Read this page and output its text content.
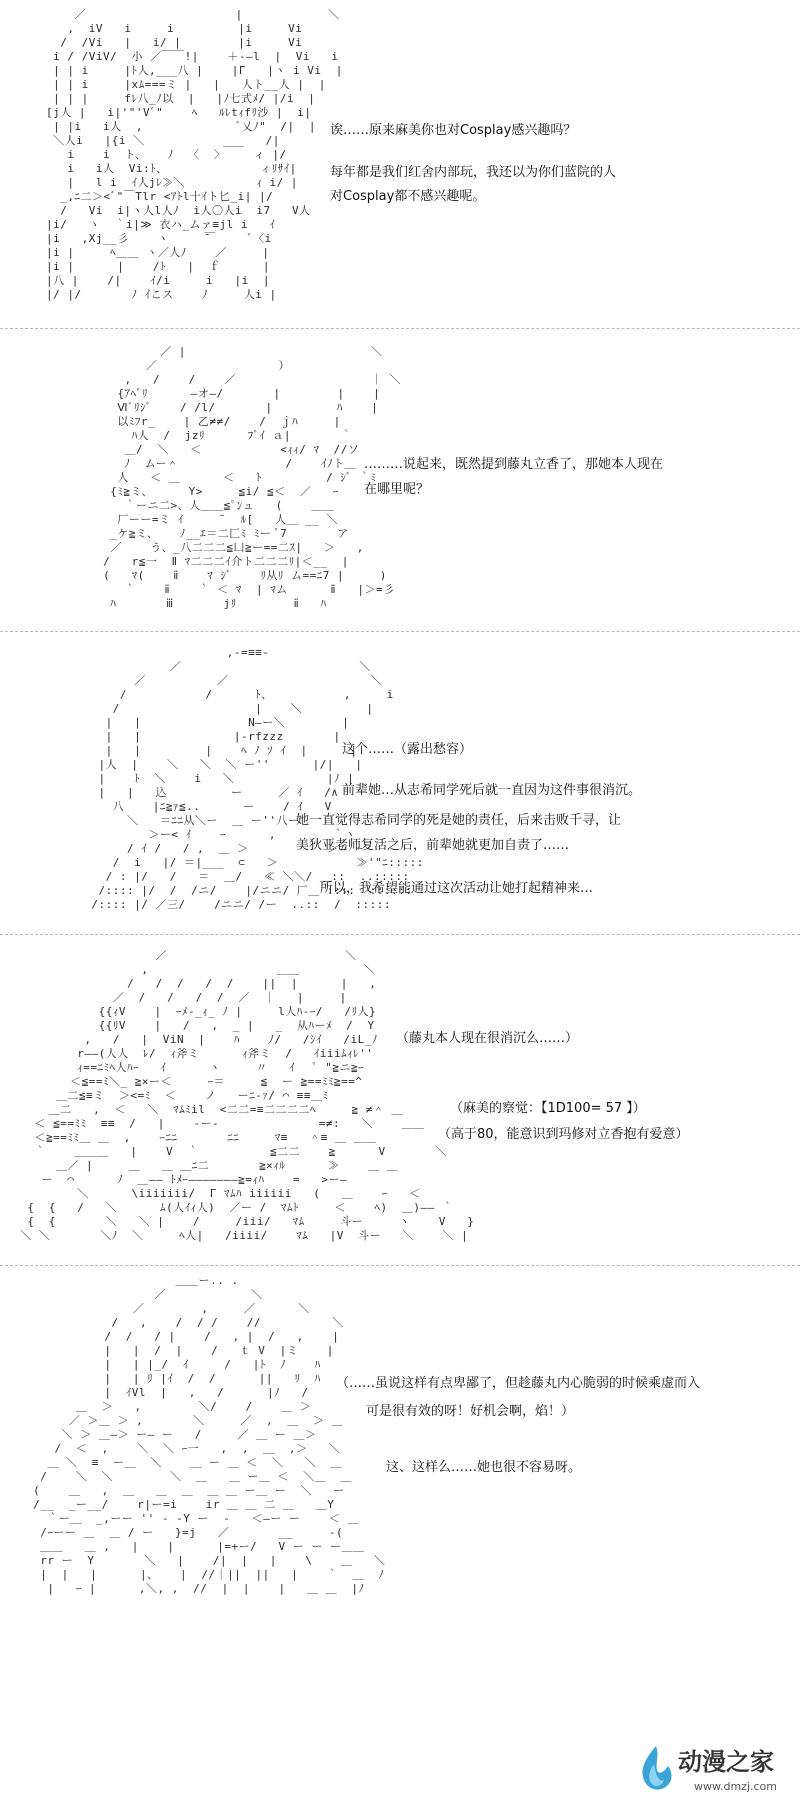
／                     |            ＼
,  iV   i     i         |i     Vi
/  /Vi   |   i/ |        |i     Vi
i / /ViV/  小 ／￣￣!|    ＋-―l  |  Vi   i
| | i     |ﾄ人,___八 |    |Γ   |ヽ i Vi  |
| | i     |xﾑ===ミ |   |   人ト__人 |  |
| | |     fﾚ八_ﾉ以  |   |ﾉ七式ﾒ/ |/i  |
[j人 |   i|'"'Vﾞ"    ﾍ   ﾙﾚtｨfﾘ沙 |  i|
| |i   i人  ,             ﾞ乂ﾉ"  /|  |
＼人i   |{i ＼           ___   /|
i    i  ト、   ﾉ  〈  〉    ィ |/
i   i人  Vi:ﾄ、             ィﾘｻｲ|
|   l i  ｲ人jﾚ≫＼          ｨ i/ |
_,ﾆ二＞<ﾞ"￣Tlr <ｱﾄl十ｲト匕_i| |/
/   Vi  i|ヽ人l人ﾉ  i人〇人i  i7   V人
|i/   ヽ  ｀i|≫ 衣ハ_ムァ≡jl i   ｲ
|i   ,Xj__彡    ヽ     ̄￣     ﾞ〈i
|i |     ﾍ＿＿ ヽ／人ﾉ    ／     |
|i |      |    /ﾄ   |  ｆ      |
|八 |    /|    ｲ/i     i   |i  |
|/ |/       ﾉ ｲこス    ﾉ     人i |
诶……原来麻美你也对Cosplay感兴趣吗？
每年都是我们红舍内部玩，我还以为你们蓝院的人
对Cosplay都不感兴趣呢。
／ |                          ＼
／                 ）
,   /    /    ／                   ｜ ＼
{ｱﾍﾞﾘ      ―オ―/       |        |    |
Ⅵﾞﾘｼﾞ    / /l/       |         ﾊ    |
以ﾐﾌr_    | 乙≠≠/    /  ｊﾊ     |
ﾊ人  /  jzﾘ      ﾌﾞｲ ａ|       ｀
＿/  ＼   ＜           <ｨｨ/ ﾏ  //ソ
ﾉ  ムー＾               /    ｲﾉト＿
人   ＜ ＿      ＜   ﾄ         / ｼﾞ ｀ﾐ
{ﾐ≧ミ、     Y>     ≦i/ ≦＜  ／   ｰ
｀ーニ二>、人＿＿≦ﾟﾝュ   (    ＿＿
厂ーー=ミ ｲ     ̄   ﾙ[   人＿ __ ＼
_ケ≧ミ、   ﾉ__ｴ＝二匚ﾐ ﾐー ﾞ7       ア
／    う、_八二二二≦凵≧ー==二ｽ|   ＞   ,
/   r≦一  Ⅱ ﾏ二二二ｲ介ト二二二ﾘ|＜__  |
(   ﾏ(    ⅱ    ﾏ ｼﾞ    ﾘ从ﾘ ム==ﾆ7 |     )
｀    ⅱ    ｀ ＜ ﾏ  | ﾏム      ⅱ   |＞=彡
ﾊ       ⅲ       jﾘ        ⅱ   ﾊ
………说起来，既然提到藤丸立香了，那她本人现在
在哪里呢？
,-=≡≡-
／                         ＼
／          ／                    ＼
/           /      ﾄ、          ,     i
/                   |    ＼         |
|   |               N―ー＼        |
|   |             |-rfzzz       |
|   |         |    ﾍ ﾉ ｿ ｲ  |      |
|人  |    ＼   ＼  ＼ ー''      |/|   |
|    ﾄ  ＼    i   ＼             |ﾉ |
|   |   込         ー     ／ ｲ   /∧
八    |ﾆ≧ｧ≦..      ー    / ｲ   V
＼   ＝ﾆﾆ从＼ー  ＿ ー''八ー
＞ー< ｲ    ｰ      ,        ｀ヽ
/ ｲ /   / ,  ＿ ＞           ＞〃 ｰ
/  i   |/ ＝|___  ⊂   ＞           ≫'"ﾆ:::::
/ : |/   /   ＝  ＿/   ≪ ＼＼/ ＿::  ..:::::
/:::: |/  /  /ニ/    |/ニニ/ 厂＿ ::::  ::::::
/:::: |/ ／三/    /ニニ/ /ー  ..::  /  :::::
这个……（露出愁容）
前辈她…从志希同学死后就一直因为这件事很消沉。
她一直觉得志希同学的死是她的责任，后来击败千寻，让
美狄亚老师复活之后，前辈她就更加自责了……
所以，我希望能通过这次活动让她打起精神来…
／                         ＼
,                  ＿＿         ＼
/   /  /   /  /    ||  |      |   ,
／  /   /   /  /  ／  ｜   |     |
{{ｨV    |  ｰﾒ-_ｨ_ ﾉ |     l人ﾊ-ｰ/   /ﾘ人}
{{ﾘV    |   /   ,  _ |   _  从ﾊーﾒ  /  Y
,   /   |  ViN  |    ﾊ    ﾉ/   /ｼｲ   /iL_ﾉ
r――(人人  ﾚ/  ｨ斧ミ      ｨ斧ミ  /   ｲiiiﾑｨﾚ''
ｨ==ﾆﾐﾍ人ﾊｰ   ｲ      ヽ     〃   ｲ   ﾟ "≧ニ≧ｰ
＜≦==ﾐ＼_ ≧×ー＜     ｰ＝     ≦  ー ≧==ﾐﾐ≧==^
＿二≦≡ミ  ＞<=ﾐ  ＜    ノ   ーﾆ‐ｧ/ ⌒ ≡≡＿ﾐ
＿二   ,  ＜   ＼  ﾏﾑﾐil  <二二=≡二二二二ﾍ     ≧ ≠＾ ＿
＜ ≦==ﾐﾐ  ≡≡  /   |    -ー-              =≠:   ＼    ＿＿
＜≧==ﾐﾐ＿ ＿  ,    ｰﾆﾆ       ﾆﾆ     ﾏ≡   ＾≡ ＿ ＿＿
｀    ＿＿＿   |    V  ｀          ≦二二    ≧      V       ＼
＿／ |     ＿   ＿ ＿ﾆ二       ≧×ｨﾙ      ≫    ＿ ＿
ー  ⌒      ﾉ  ＿―― ﾄﾒｰ―――――――≧=ｨﾊ    =   >ー―
＼      \iiiiiii/  Γ ﾏﾑﾊ iiiiii   (   ＿    ｰ   ＜
{  {   /   ＼      ﾑ(人ｲｨ人)  ／ー /  ﾏﾑﾄ     ＜    ﾍ)  ＿)―― ｀
{  {       ＼   ＼ |    /     /iii/   ﾏﾑ     斗ー     ヽ    V   }
＼ ＼       ＼ﾉ  ＼     ﾍ人|   /iiii/    ﾏﾑ   |V  斗ー   ＼    ＼ |
（藤丸本人现在很消沉么……）
（麻美的察觉：【1D100= 57 】）
（高于80，能意识到玛修对立香抱有爱意）
＿＿ー.. .
／            ＼
／        ,     ／      ＼
/   ,    /  / /    //          ＼
/  /   / |    /   , |  /   ,    |
|   |  /  |    /   ｔ V  |ミ    |
|   | |_/  ｲ     /   |ﾄ  ﾉ    ﾊ
|   | ﾘ |ｲ  /  /      ||   ﾘ  ﾊ
|  ｲVl  |   ,   /      |ﾉ   /
＿  ＞   ,        ＼/    /    ＿ ＞
／ ＞＿ ＞ ,       ＼     ／  ,  ＿  ＞ ＿
＼ ＞ ＿―＞ ー― ー   /     ／ ＿ ー ＿＞
/  ＜  ,    ＼  ＼ ｰ一   ,  ,  ＿  ,＞   ＼
＿ ＼  ≡  ー＿  ＼    ＿ ー ＿ ＜  ＼   ＼  ＿
/    ＼  ＼        ＼  ＿   ＿ ー＿ ＜  ＼＿  ＿
(    ＿   ,  ＿   ＿  ＿  ＿ ＿ ー＿ ー  ＼   ー
/__  _ー__/    r|ー=i    ir ＿ ＿ 二 ＿   ＿Y
｀ー＿  _,ーー '' ‐ ‐Y ー  ‐   ＜―ー ー    ＜ ＿
/ｰーー ＿  ＿ / ー   }=j   ／       __     ‐(
＿＿   ＿ ,   |    |      |=+ー/   V ー ー ー＿＿
rr ー  Y       ＼   |    /|  |   |    \    ＿   ＼
|  |   |      |、   |  //｜||  ||   |    ｀  ＿  ﾉ
|   ｰ |      ,＼, ,  //  |  |    |   ＿ ＿  |ﾉ
（……虽说这样有点卑鄙了，但趁藤丸内心脆弱的时候乘虚而入
可是很有效的呀！好机会啊，焰！）
这、这样么……她也很不容易呀。
动漫之家
www.dmzj.com
